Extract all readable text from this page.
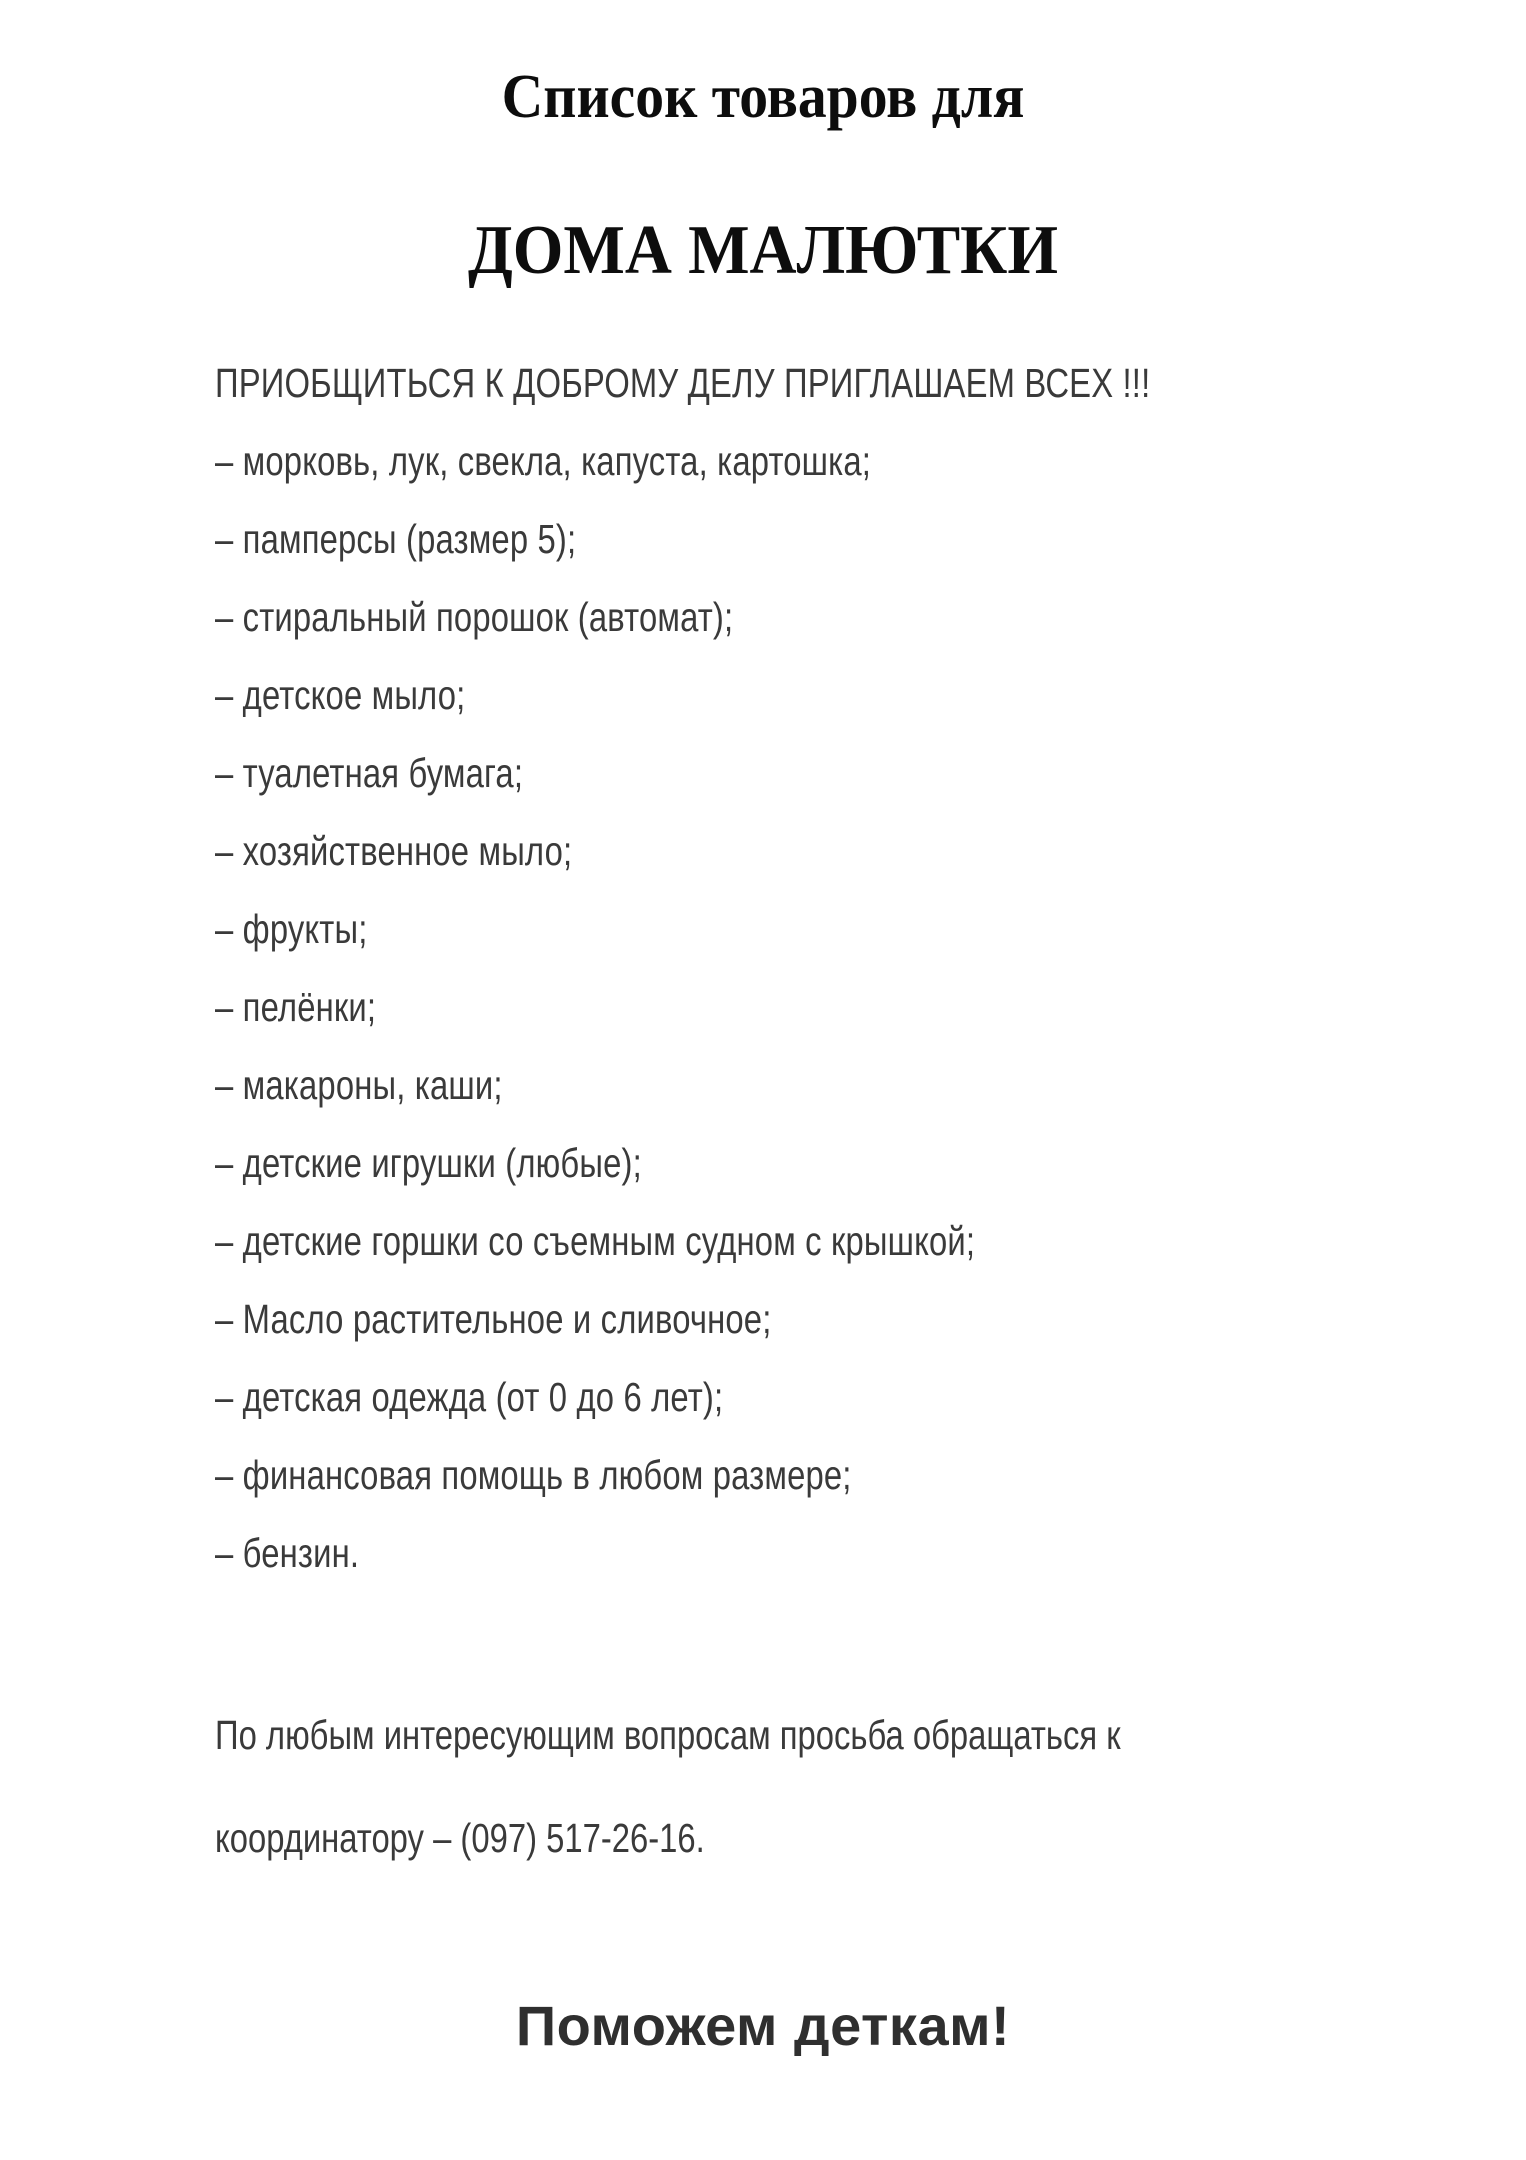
Список товаров для
ДОМА МАЛЮТКИ

ПРИОБЩИТЬСЯ К ДОБРОМУ ДЕЛУ ПРИГЛАШАЕМ ВСЕХ !!!

– морковь, лук, свекла, капуста, картошка;
– памперсы (размер 5);
– стиральный порошок (автомат);
– детское мыло;
– туалетная бумага;
– хозяйственное мыло;
– фрукты;
– пелёнки;
– макароны, каши;
– детские игрушки (любые);
– детские горшки со съемным судном с крышкой;
– Масло растительное и сливочное;
– детская одежда (от 0 до 6 лет);
– финансовая помощь в любом размере;
– бензин.

По любым интересующим вопросам просьба обращаться к

координатору – (097) 517-26-16.

Поможем деткам!
